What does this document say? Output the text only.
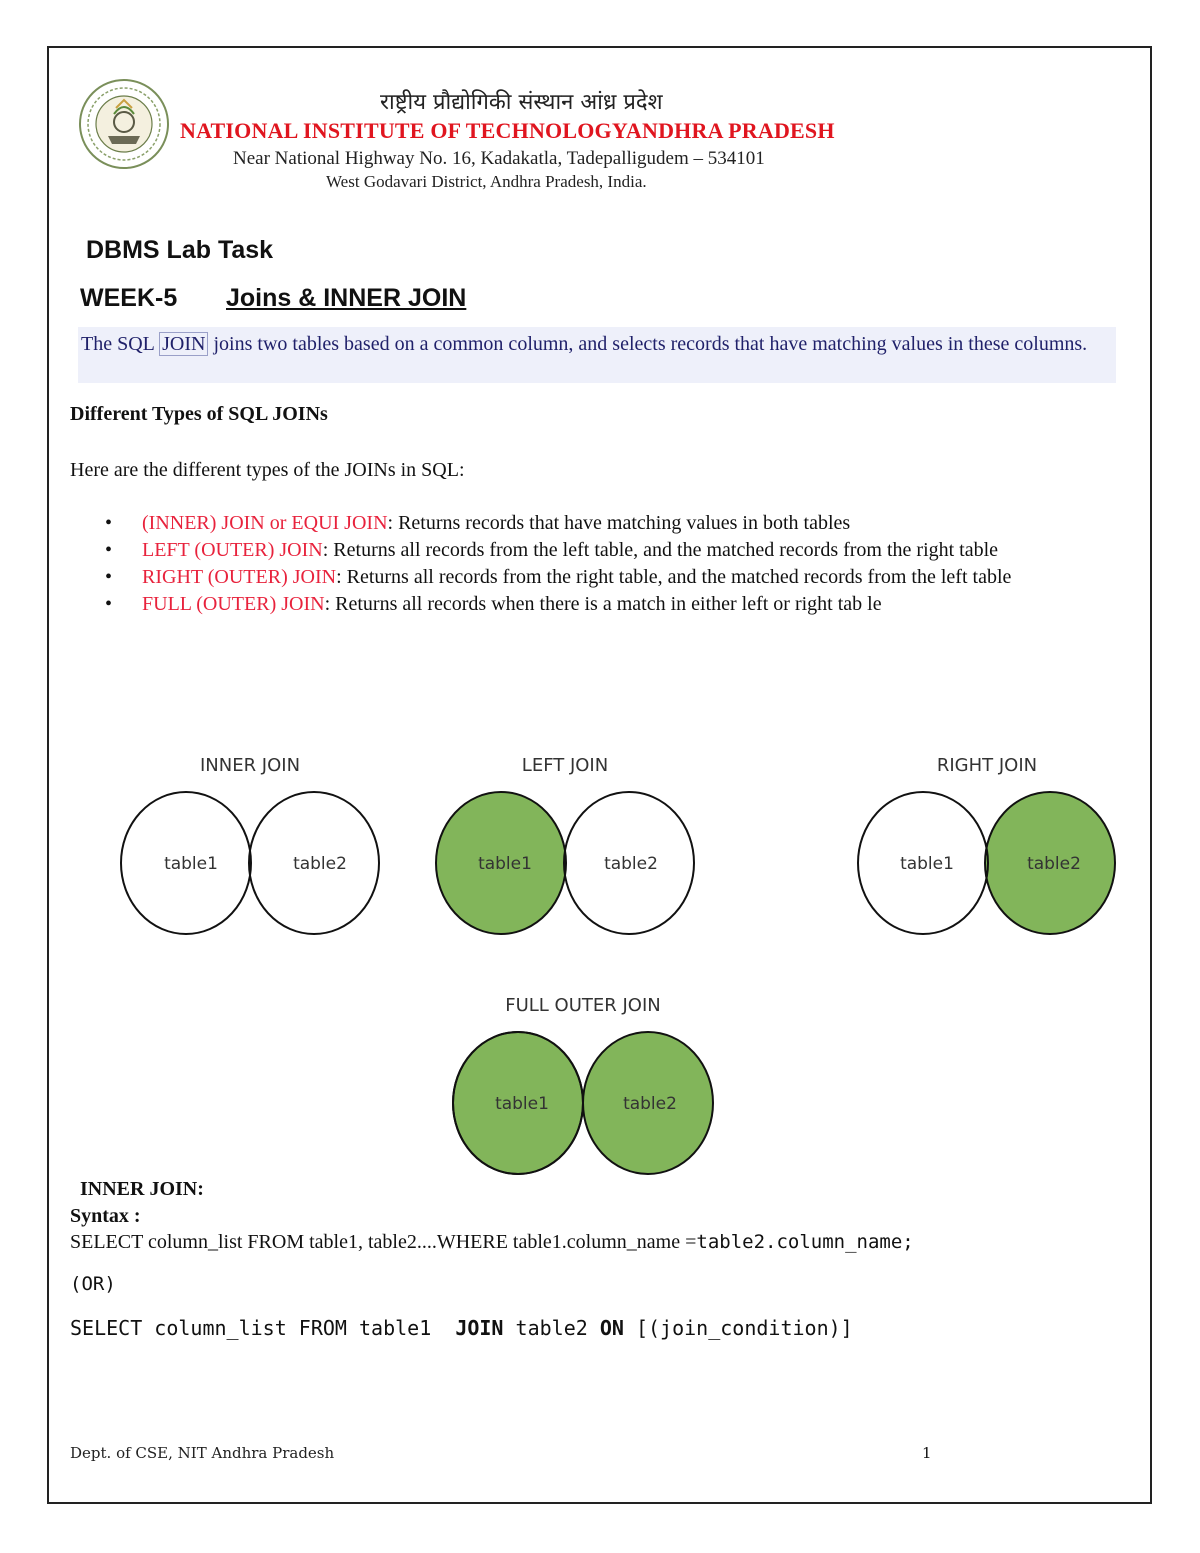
राष्ट्रीय प्रौद्योगिकी संस्थान आंध्र प्रदेश
NATIONAL INSTITUTE OF TECHNOLOGYANDHRA PRADESH
Near National Highway No. 16, Kadakatla, Tadepalligudem – 534101
West Godavari District, Andhra Pradesh, India.
DBMS Lab Task
WEEK-5 Joins & INNER JOIN
The SQL JOIN joins two tables based on a common column, and selects records that have matching values in these columns.
Different Types of SQL JOINs
Here are the different types of the JOINs in SQL:
• (INNER) JOIN or EQUI JOIN: Returns records that have matching values in both tables
• LEFT (OUTER) JOIN: Returns all records from the left table, and the matched records from the right table
• RIGHT (OUTER) JOIN: Returns all records from the right table, and the matched records from the left table
• FULL (OUTER) JOIN: Returns all records when there is a match in either left or right tab le
INNER JOIN
table1	table2
LEFT JOIN
table1	table2
RIGHT JOIN
table1	table2
FULL OUTER JOIN
table1	table2
INNER JOIN:
Syntax :
SELECT column_list FROM table1, table2....WHERE table1.column_name =table2.column_name;
(OR)
SELECT column_list FROM table1  JOIN table2 ON [(join_condition)]
Dept. of CSE, NIT Andhra Pradesh	1
